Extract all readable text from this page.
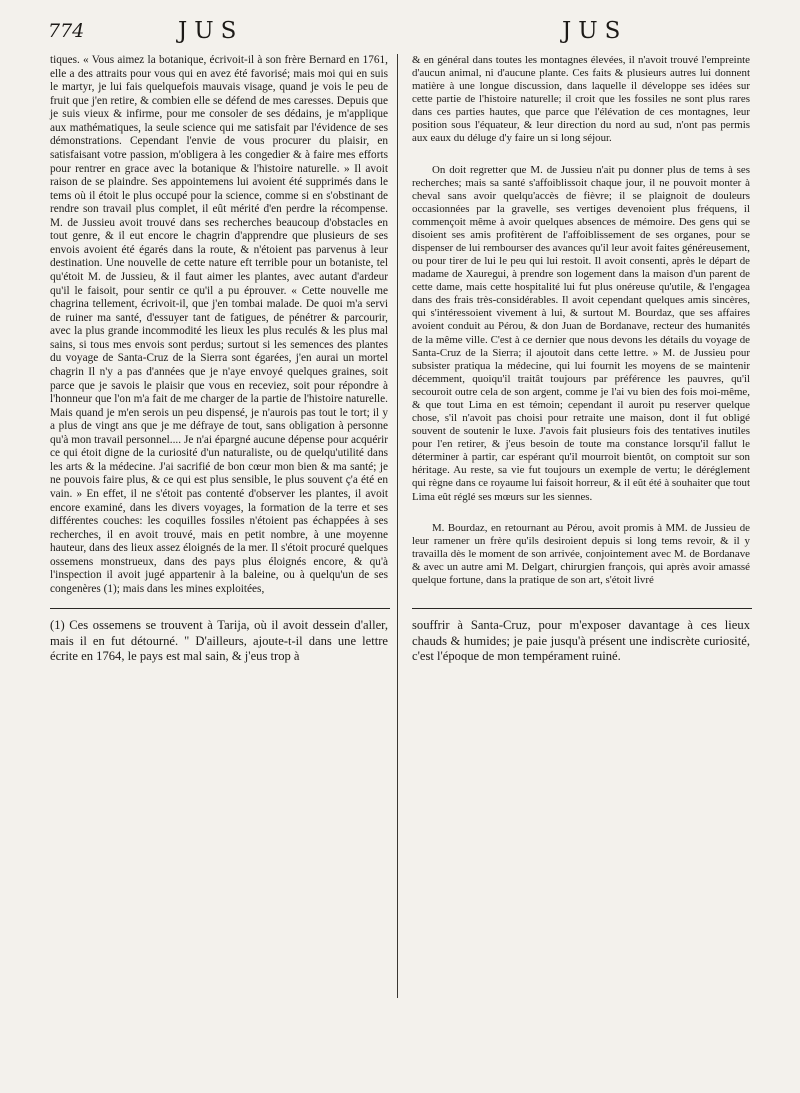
774	JUS	JUS

tiques. « Vous aimez la botanique, écrivoit-il à son frère Bernard en 1761, elle a des attraits pour vous qui en avez été favorisé; mais moi qui en suis le martyr, je lui fais quelquefois mauvais visage, quand je vois le peu de fruit que j'en retire, & combien elle se défend de mes caresses. Depuis que je suis vieux & infirme, pour me consoler de ses dédains, je m'applique aux mathématiques, la seule science qui me satisfait par l'évidence de ses démonstrations. Cependant l'envie de vous procurer du plaisir, en satisfaisant votre passion, m'obligera à les congedier & à faire mes efforts pour rentrer en grace avec la botanique & l'histoire naturelle. » Il avoit raison de se plaindre. Ses appointemens lui avoient été supprimés dans le tems où il étoit le plus occupé pour la science, comme si en s'obstinant de rendre son travail plus complet, il eût mérité d'en perdre la récompense. M. de Jussieu avoit trouvé dans ses recherches beaucoup d'obstacles en tout genre, & il eut encore le chagrin d'apprendre que plusieurs de ses envois avoient été égarés dans la route, & n'étoient pas parvenus à leur destination. Une nouvelle de cette nature eft terrible pour un botaniste, tel qu'étoit M. de Jussieu, & il faut aimer les plantes, avec autant d'ardeur qu'il le faisoit, pour sentir ce qu'il a pu éprouver. « Cette nouvelle me chagrina tellement, écrivoit-il, que j'en tombai malade. De quoi m'a servi de ruiner ma santé, d'essuyer tant de fatigues, de pénétrer & parcourir, avec la plus grande incommodité les lieux les plus reculés & les plus mal sains, si tous mes envois sont perdus; surtout si les semences des plantes du voyage de Santa-Cruz de la Sierra sont égarées, j'en aurai un mortel chagrin Il n'y a pas d'années que je n'aye envoyé quelques graines, soit parce que je savois le plaisir que vous en receviez, soit pour répondre à l'honneur que l'on m'a fait de me charger de la partie de l'histoire naturelle. Mais quand je m'en serois un peu dispensé, je n'aurois pas tout le tort; il y a plus de vingt ans que je me défraye de tout, sans obligation à personne qu'à mon travail personnel.... Je n'ai épargné aucune dépense pour acquérir ce qui étoit digne de la curiosité d'un naturaliste, ou de quelqu'utilité dans les arts & la médecine. J'ai sacrifié de bon cœur mon bien & ma santé; je ne pouvois faire plus, & ce qui est plus sensible, le plus souvent ç'a été en vain. » En effet, il ne s'étoit pas contenté d'observer les plantes, il avoit encore examiné, dans les divers voyages, la formation de la terre et ses différentes couches: les coquilles fossiles n'étoient pas échappées à ses recherches, il en avoit trouvé, mais en petit nombre, à une moyenne hauteur, dans des lieux assez éloignés de la mer. Il s'étoit procuré quelques ossemens monstrueux, dans des pays plus éloignés encore, & qu'à l'inspection il avoit jugé appartenir à la baleine, ou à quelqu'un de ses congenères (1); mais dans les mines exploitées,

& en général dans toutes les montagnes élevées, il n'avoit trouvé l'empreinte d'aucun animal, ni d'aucune plante. Ces faits & plusieurs autres lui donnent matière à une longue discussion, dans laquelle il développe ses idées sur cette partie de l'histoire naturelle; il croit que les fossiles ne sont plus rares dans ces parties hautes, que parce que l'élévation de ces montagnes, leur position sous l'équateur, & leur direction du nord au sud, n'ont pas permis aux eaux du déluge d'y faire un si long séjour.

On doit regretter que M. de Jussieu n'ait pu donner plus de tems à ses recherches; mais sa santé s'affoiblissoit chaque jour, il ne pouvoit monter à cheval sans avoir quelqu'accès de fièvre; il se plaignoit de douleurs occasionnées par la gravelle, ses vertiges devenoient plus fréquens, il commençoit même à avoir quelques absences de mémoire. Des gens qui se disoient ses amis profitèrent de l'affoiblissement de ses organes, pour se dispenser de lui rembourser des avances qu'il leur avoit faites généreusement, ou pour tirer de lui le peu qui lui restoit. Il avoit consenti, après le départ de madame de Xauregui, à prendre son logement dans la maison d'un parent de cette dame, mais cette hospitalité lui fut plus onéreuse qu'utile, & l'engagea dans des frais très-considérables. Il avoit cependant quelques amis sincères, qui s'intéressoient vivement à lui, & surtout M. Bourdaz, que ses affaires avoient conduit au Pérou, & don Juan de Bordanave, recteur des humanités de la même ville. C'est à ce dernier que nous devons les détails du voyage de Santa-Cruz de la Sierra; il ajoutoit dans cette lettre. » M. de Jussieu pour subsister pratiqua la médecine, qui lui fournit les moyens de se maintenir décemment, quoiqu'il traitât toujours par préférence les pauvres, qu'il secouroit outre cela de son argent, comme je l'ai vu bien des fois moi-même, & que tout Lima en est témoin; cependant il auroit pu reserver quelque chose, s'il n'avoit pas choisi pour retraite une maison, dont il fut obligé souvent de soutenir le luxe. J'avois fait plusieurs fois des tentatives inutiles pour l'en retirer, & j'eus besoin de toute ma constance lorsqu'il fallut le déterminer à partir, car espérant qu'il mourroit bientôt, on comptoit sur son héritage. Au reste, sa vie fut toujours un exemple de vertu; le déréglement qui règne dans ce royaume lui faisoit horreur, & il eût été à souhaiter que tout Lima eût réglé ses mœurs sur les siennes.

M. Bourdaz, en retournant au Pérou, avoit promis à MM. de Jussieu de leur ramener un frère qu'ils desiroient depuis si long tems revoir, & il y travailla dès le moment de son arrivée, conjointement avec M. de Bordanave & avec un autre ami M. Delgart, chirurgien françois, qui après avoir amassé quelque fortune, dans la pratique de son art, s'étoit livré

(1) Ces ossemens se trouvent à Tarija, où il avoit dessein d'aller, mais il en fut détourné. " D'ailleurs, ajoute-t-il dans une lettre écrite en 1764, le pays est mal sain, & j'eus trop à
souffrir à Santa-Cruz, pour m'exposer davantage à ces lieux chauds & humides; je paie jusqu'à présent une indiscrète curiosité, c'est l'époque de mon tempérament ruiné.
